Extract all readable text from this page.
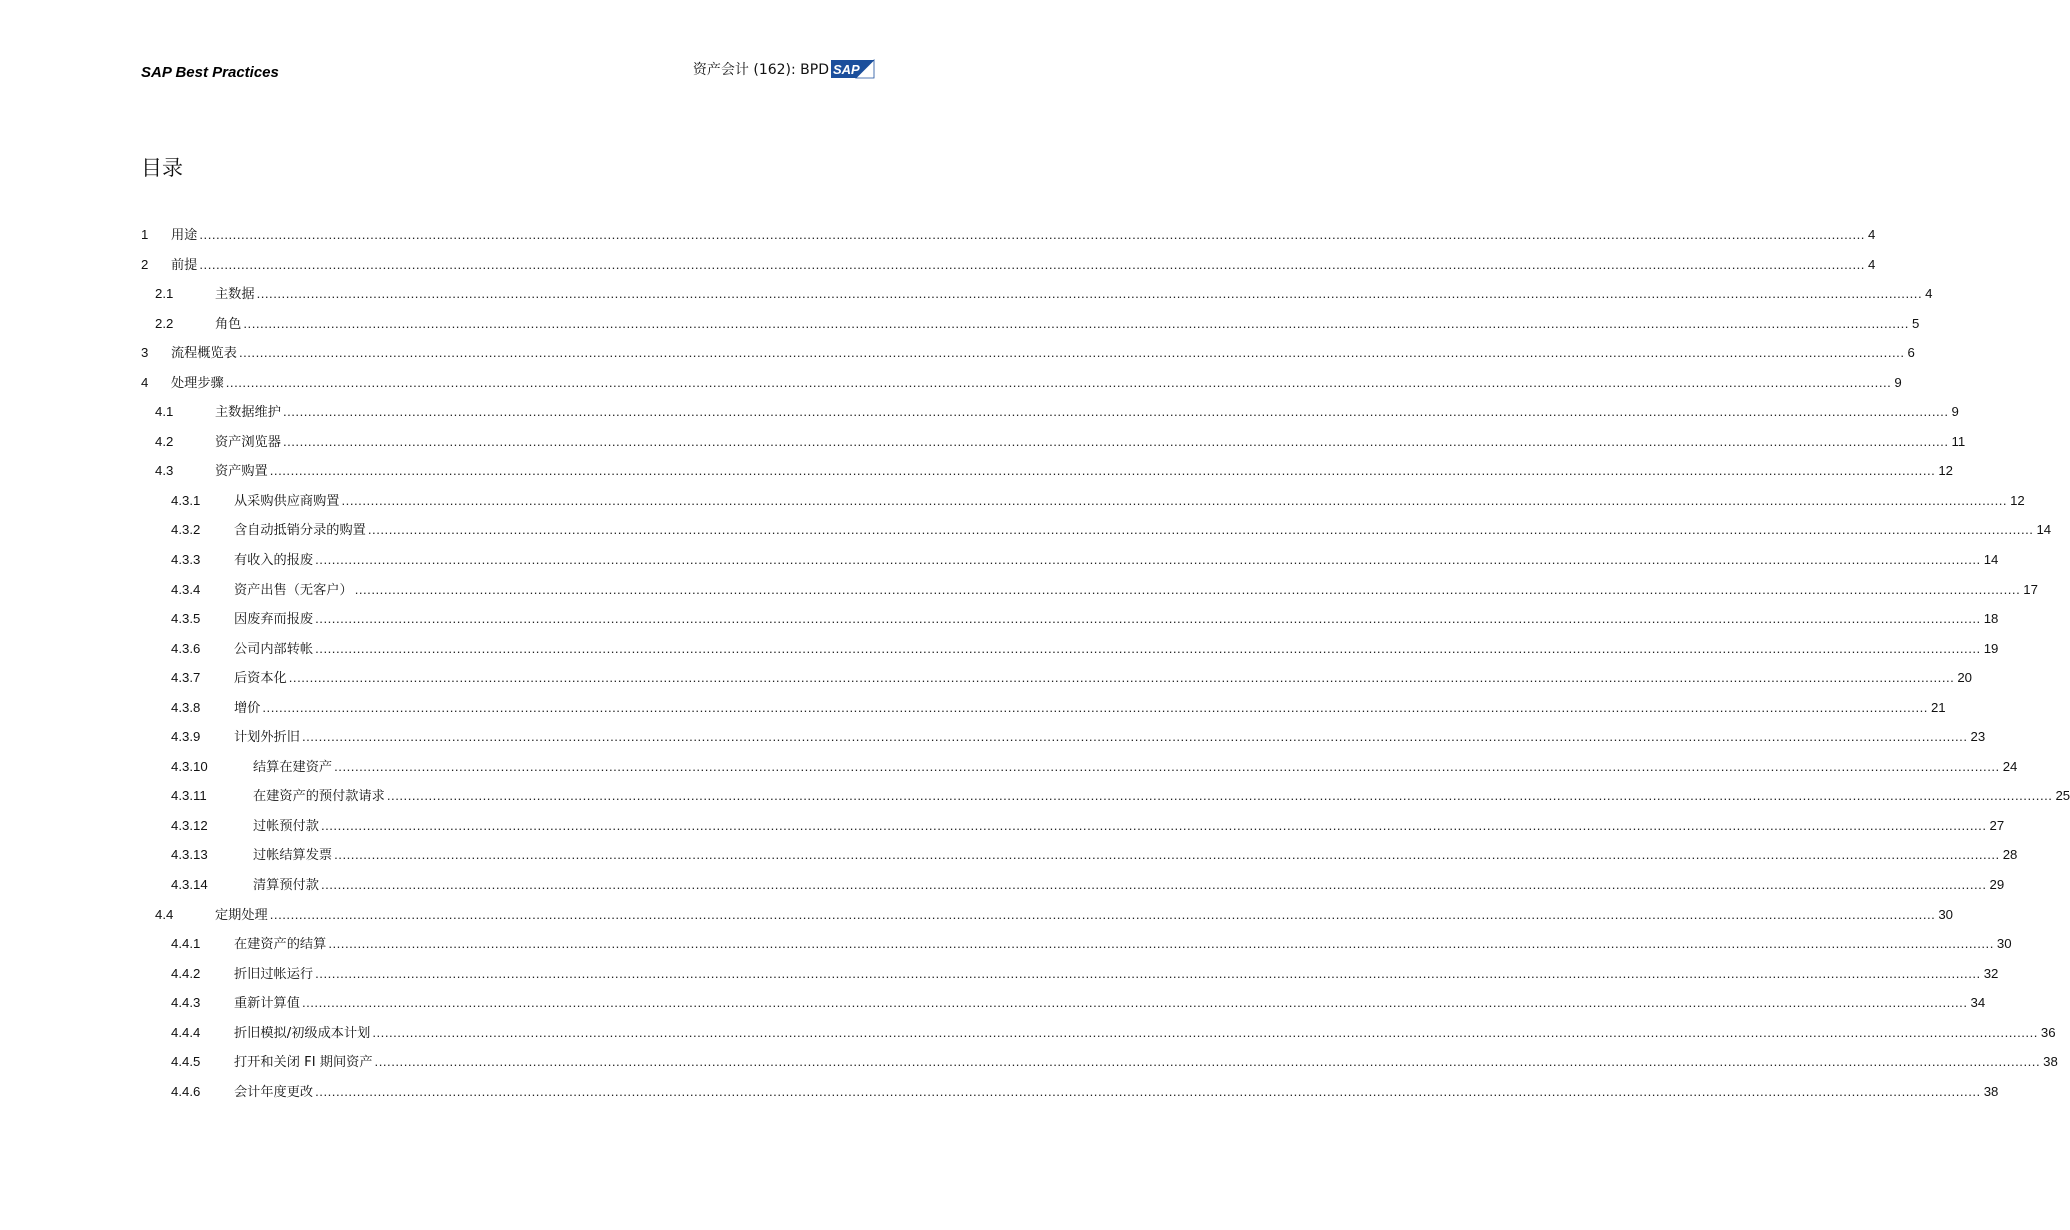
SAP Best Practices	资产会计 (162): BPD SAP
目录
1	用途 ................................................................................................................................................................................................................................................................................................................................................................................................................ 4
2	前提 ................................................................................................................................................................................................................................................................................................................................................................................................................ 4
2.1	主数据 ................................................................................................................................................................................................................................................................................................................................................................................................................ 4
2.2	角色 ................................................................................................................................................................................................................................................................................................................................................................................................................ 5
3	流程概览表 ................................................................................................................................................................................................................................................................................................................................................................................................................ 6
4	处理步骤 ................................................................................................................................................................................................................................................................................................................................................................................................................ 9
4.1	主数据维护 ................................................................................................................................................................................................................................................................................................................................................................................................................ 9
4.2	资产浏览器 ................................................................................................................................................................................................................................................................................................................................................................................................................ 11
4.3	资产购置 ................................................................................................................................................................................................................................................................................................................................................................................................................ 12
4.3.1	从采购供应商购置 ................................................................................................................................................................................................................................................................................................................................................................................................................ 12
4.3.2	含自动抵销分录的购置 ................................................................................................................................................................................................................................................................................................................................................................................................................ 14
4.3.3	有收入的报废 ................................................................................................................................................................................................................................................................................................................................................................................................................ 14
4.3.4	资产出售（无客户） ................................................................................................................................................................................................................................................................................................................................................................................................................ 17
4.3.5	因废弃而报废 ................................................................................................................................................................................................................................................................................................................................................................................................................ 18
4.3.6	公司内部转帐 ................................................................................................................................................................................................................................................................................................................................................................................................................ 19
4.3.7	后资本化 ................................................................................................................................................................................................................................................................................................................................................................................................................ 20
4.3.8	增价 ................................................................................................................................................................................................................................................................................................................................................................................................................ 21
4.3.9	计划外折旧 ................................................................................................................................................................................................................................................................................................................................................................................................................ 23
4.3.10	结算在建资产 ................................................................................................................................................................................................................................................................................................................................................................................................................ 24
4.3.11	在建资产的预付款请求 ................................................................................................................................................................................................................................................................................................................................................................................................................ 25
4.3.12	过帐预付款 ................................................................................................................................................................................................................................................................................................................................................................................................................ 27
4.3.13	过帐结算发票 ................................................................................................................................................................................................................................................................................................................................................................................................................ 28
4.3.14	清算预付款 ................................................................................................................................................................................................................................................................................................................................................................................................................ 29
4.4	定期处理 ................................................................................................................................................................................................................................................................................................................................................................................................................ 30
4.4.1	在建资产的结算 ................................................................................................................................................................................................................................................................................................................................................................................................................ 30
4.4.2	折旧过帐运行 ................................................................................................................................................................................................................................................................................................................................................................................................................ 32
4.4.3	重新计算值 ................................................................................................................................................................................................................................................................................................................................................................................................................ 34
4.4.4	折旧模拟/初级成本计划 ................................................................................................................................................................................................................................................................................................................................................................................................................ 36
4.4.5	打开和关闭 FI 期间资产 ................................................................................................................................................................................................................................................................................................................................................................................................................ 38
4.4.6	会计年度更改 ................................................................................................................................................................................................................................................................................................................................................................................................................ 38
